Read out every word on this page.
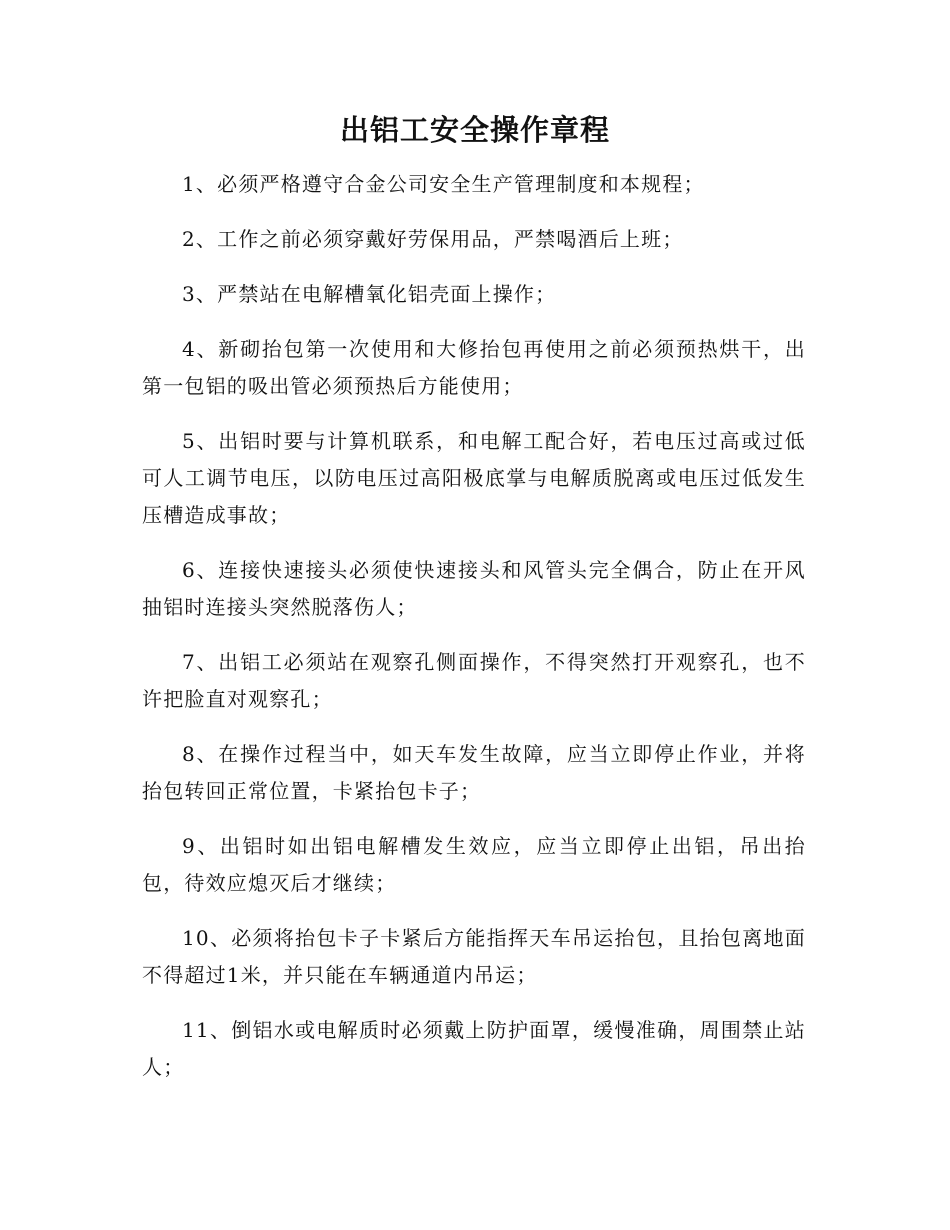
出铝工安全操作章程

1、必须严格遵守合金公司安全生产管理制度和本规程；

2、工作之前必须穿戴好劳保用品，严禁喝酒后上班；

3、严禁站在电解槽氧化铝壳面上操作；

4、新砌抬包第一次使用和大修抬包再使用之前必须预热烘干，出第一包铝的吸出管必须预热后方能使用；

5、出铝时要与计算机联系，和电解工配合好，若电压过高或过低可人工调节电压，以防电压过高阳极底掌与电解质脱离或电压过低发生压槽造成事故；

6、连接快速接头必须使快速接头和风管头完全偶合，防止在开风抽铝时连接头突然脱落伤人；

7、出铝工必须站在观察孔侧面操作，不得突然打开观察孔，也不许把脸直对观察孔；

8、在操作过程当中，如天车发生故障，应当立即停止作业，并将抬包转回正常位置，卡紧抬包卡子；

9、出铝时如出铝电解槽发生效应，应当立即停止出铝，吊出抬包，待效应熄灭后才继续；

10、必须将抬包卡子卡紧后方能指挥天车吊运抬包，且抬包离地面不得超过1米，并只能在车辆通道内吊运；

11、倒铝水或电解质时必须戴上防护面罩，缓慢准确，周围禁止站人；
